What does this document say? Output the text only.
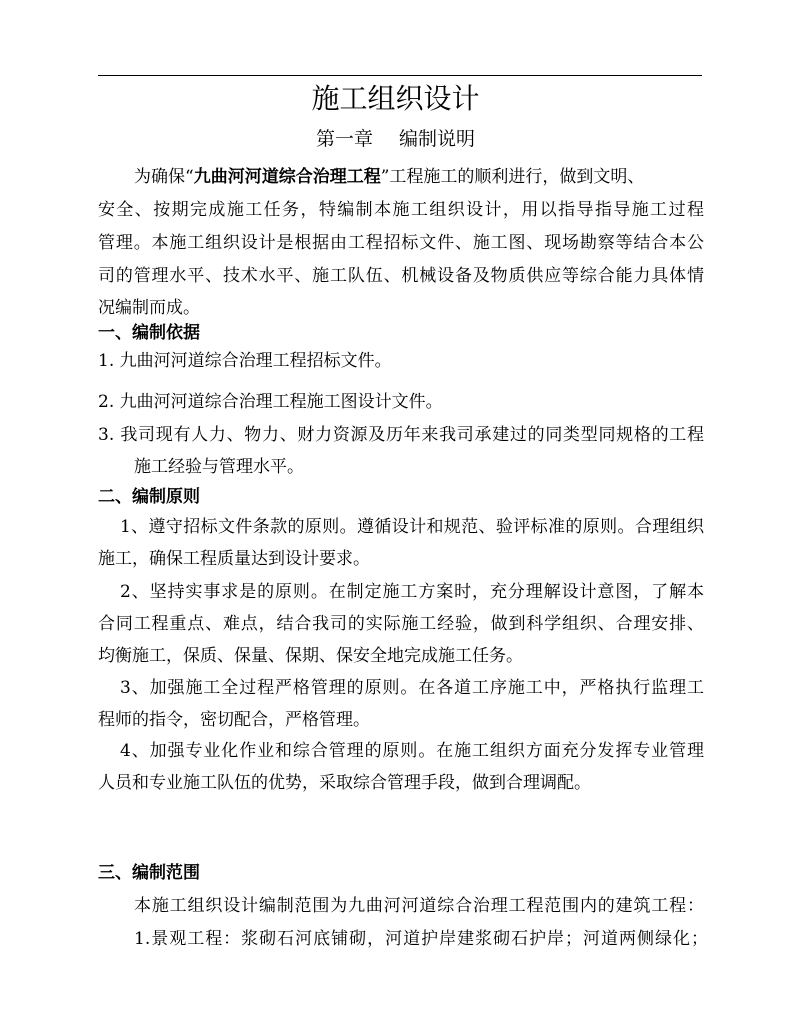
施工组织设计
第一章 编制说明
为确保“九曲河河道综合治理工程”工程施工的顺利进行，做到文明、
安全、按期完成施工任务，特编制本施工组织设计，用以指导指导施工过程
管理。本施工组织设计是根据由工程招标文件、施工图、现场勘察等结合本公
司的管理水平、技术水平、施工队伍、机械设备及物质供应等综合能力具体情
况编制而成。
一、编制依据
1. 九曲河河道综合治理工程招标文件。
2. 九曲河河道综合治理工程施工图设计文件。
3. 我司现有人力、物力、财力资源及历年来我司承建过的同类型同规格的工程
施工经验与管理水平。
二、编制原则
1、遵守招标文件条款的原则。遵循设计和规范、验评标准的原则。合理组织
施工，确保工程质量达到设计要求。
2、坚持实事求是的原则。在制定施工方案时，充分理解设计意图，了解本
合同工程重点、难点，结合我司的实际施工经验，做到科学组织、合理安排、
均衡施工，保质、保量、保期、保安全地完成施工任务。
3、加强施工全过程严格管理的原则。在各道工序施工中，严格执行监理工
程师的指令，密切配合，严格管理。
4、加强专业化作业和综合管理的原则。在施工组织方面充分发挥专业管理
人员和专业施工队伍的优势，采取综合管理手段，做到合理调配。
三、编制范围
本施工组织设计编制范围为九曲河河道综合治理工程范围内的建筑工程：
1.景观工程：浆砌石河底铺砌，河道护岸建浆砌石护岸；河道两侧绿化；
